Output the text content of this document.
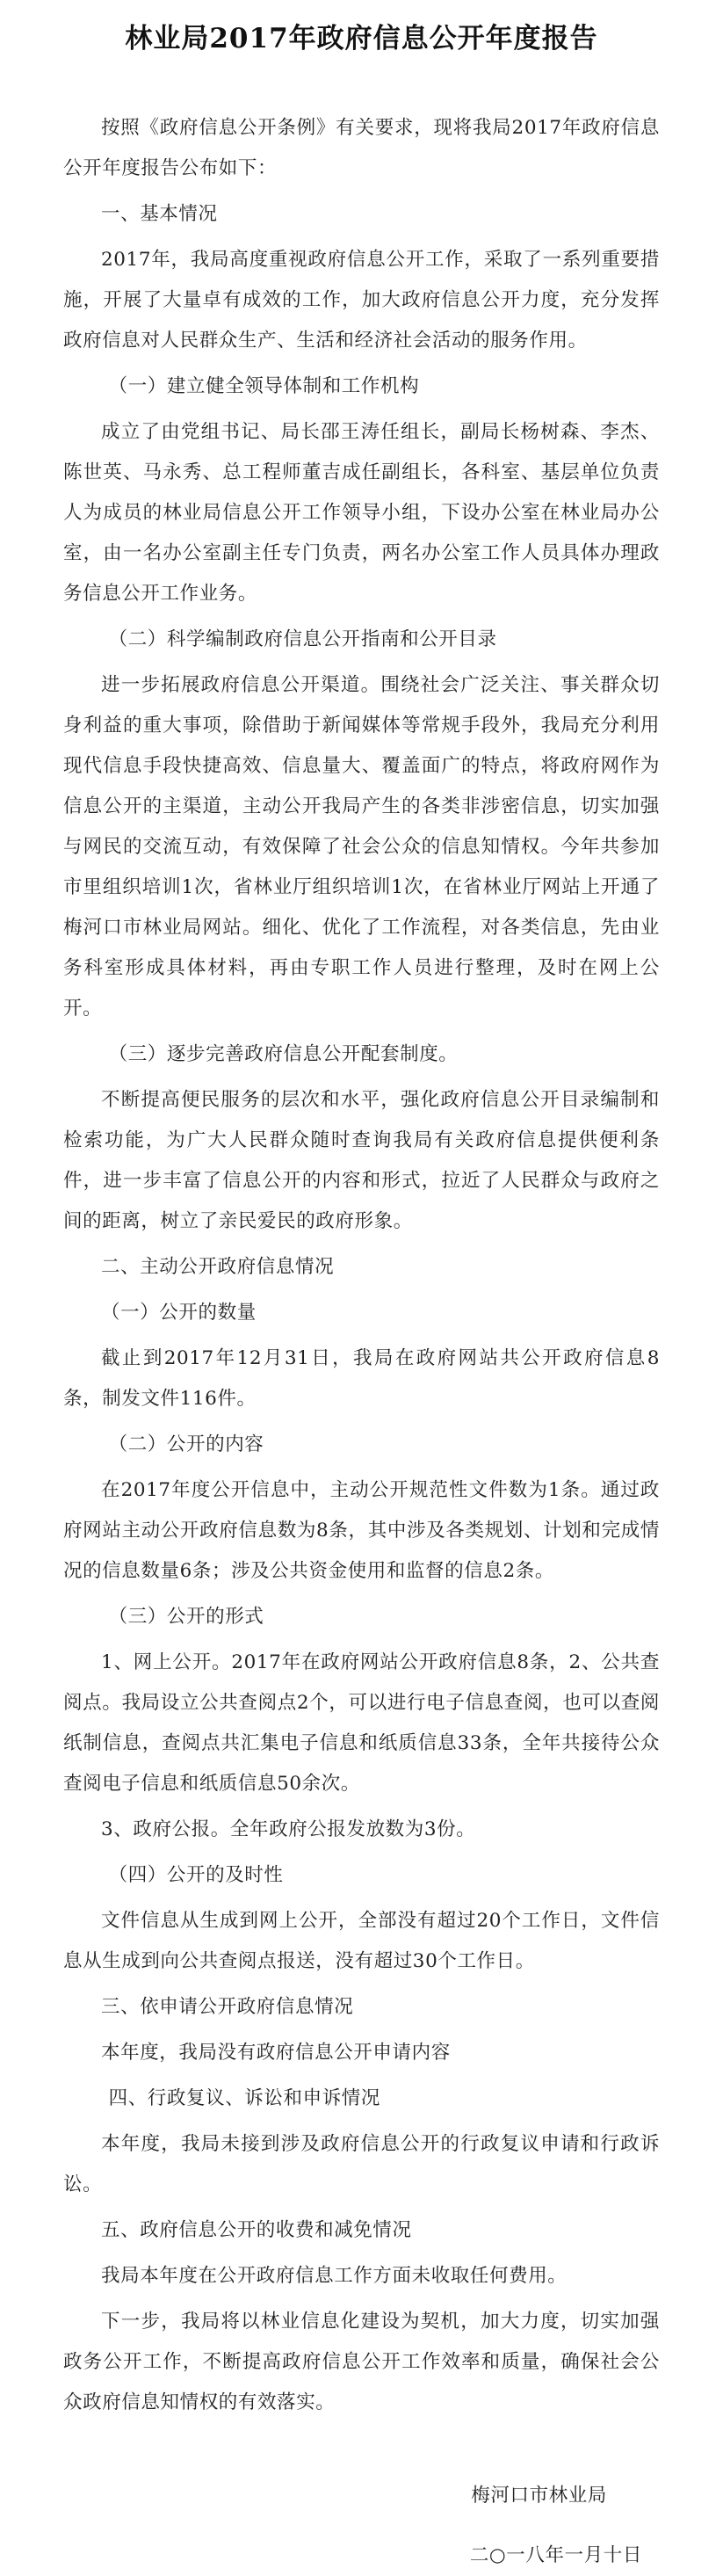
林业局2017年政府信息公开年度报告

按照《政府信息公开条例》有关要求，现将我局2017年政府信息公开年度报告公布如下：

一、基本情况

2017年，我局高度重视政府信息公开工作，采取了一系列重要措施，开展了大量卓有成效的工作，加大政府信息公开力度，充分发挥政府信息对人民群众生产、生活和经济社会活动的服务作用。

（一）建立健全领导体制和工作机构

成立了由党组书记、局长邵王涛任组长，副局长杨树森、李杰、陈世英、马永秀、总工程师董吉成任副组长，各科室、基层单位负责人为成员的林业局信息公开工作领导小组，下设办公室在林业局办公室，由一名办公室副主任专门负责，两名办公室工作人员具体办理政务信息公开工作业务。

（二）科学编制政府信息公开指南和公开目录

进一步拓展政府信息公开渠道。围绕社会广泛关注、事关群众切身利益的重大事项，除借助于新闻媒体等常规手段外，我局充分利用现代信息手段快捷高效、信息量大、覆盖面广的特点，将政府网作为信息公开的主渠道，主动公开我局产生的各类非涉密信息，切实加强与网民的交流互动，有效保障了社会公众的信息知情权。今年共参加市里组织培训1次，省林业厅组织培训1次，在省林业厅网站上开通了梅河口市林业局网站。细化、优化了工作流程，对各类信息，先由业务科室形成具体材料，再由专职工作人员进行整理，及时在网上公开。

（三）逐步完善政府信息公开配套制度。

不断提高便民服务的层次和水平，强化政府信息公开目录编制和检索功能，为广大人民群众随时查询我局有关政府信息提供便利条件，进一步丰富了信息公开的内容和形式，拉近了人民群众与政府之间的距离，树立了亲民爱民的政府形象。

二、主动公开政府信息情况

（一）公开的数量

截止到2017年12月31日，我局在政府网站共公开政府信息8条，制发文件116件。

（二）公开的内容

在2017年度公开信息中，主动公开规范性文件数为1条。通过政府网站主动公开政府信息数为8条，其中涉及各类规划、计划和完成情况的信息数量6条；涉及公共资金使用和监督的信息2条。

（三）公开的形式

1、网上公开。2017年在政府网站公开政府信息8条，2、公共查阅点。我局设立公共查阅点2个，可以进行电子信息查阅，也可以查阅纸制信息，查阅点共汇集电子信息和纸质信息33条，全年共接待公众查阅电子信息和纸质信息50余次。

3、政府公报。全年政府公报发放数为3份。

（四）公开的及时性

文件信息从生成到网上公开，全部没有超过20个工作日，文件信息从生成到向公共查阅点报送，没有超过30个工作日。

三、依申请公开政府信息情况

本年度，我局没有政府信息公开申请内容

四、行政复议、诉讼和申诉情况

本年度，我局未接到涉及政府信息公开的行政复议申请和行政诉讼。

五、政府信息公开的收费和减免情况

我局本年度在公开政府信息工作方面未收取任何费用。

下一步，我局将以林业信息化建设为契机，加大力度，切实加强政务公开工作，不断提高政府信息公开工作效率和质量，确保社会公众政府信息知情权的有效落实。

梅河口市林业局

二○一八年一月十日
